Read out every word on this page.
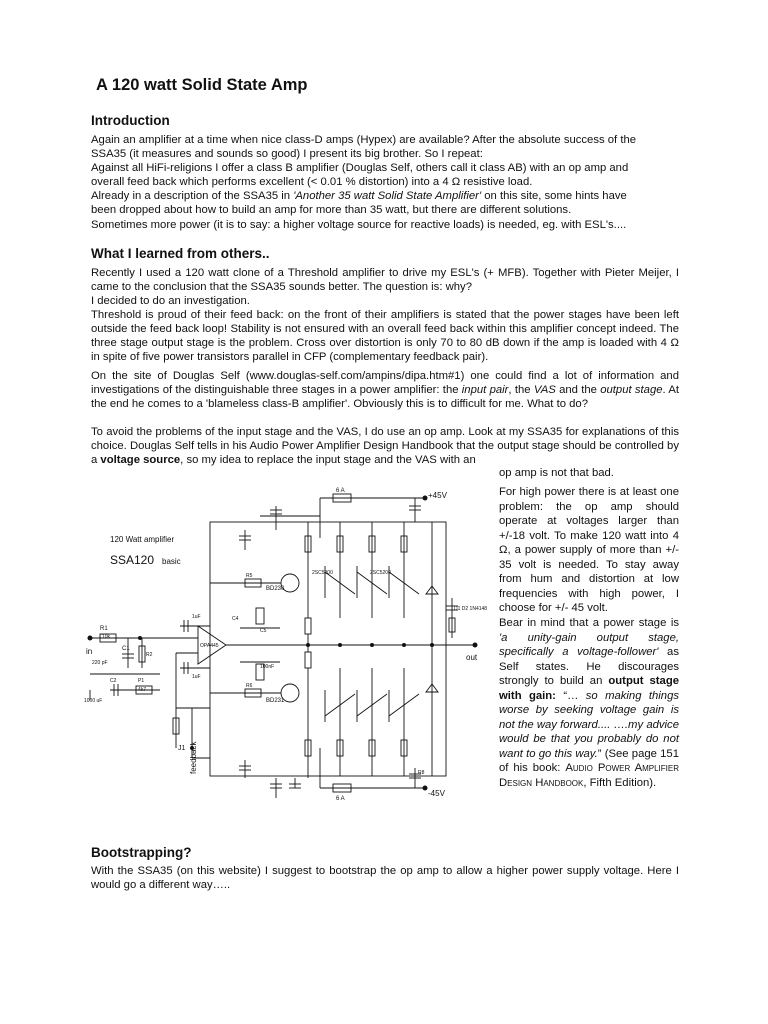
A 120 watt Solid State Amp
Introduction
Again an amplifier at a time when nice class-D amps (Hypex) are available? After the absolute success of the
SSA35 (it measures and sounds so good) I present its big brother. So I repeat:
Against all HiFi-religions I offer a class B amplifier (Douglas Self, others call it class AB) with an op amp and
overall feed back which performs excellent (< 0.01 % distortion) into a 4 Ω resistive load.
Already in a description of the SSA35 in 'Another 35 watt Solid State Amplifier' on this site, some hints have
been dropped about how to build an amp for more than 35 watt, but there are different solutions.
Sometimes more power (it is to say: a higher voltage source for reactive loads) is needed, eg. with ESL's....
What I learned from others..
Recently I used a 120 watt clone of a Threshold amplifier to drive my ESL's (+ MFB). Together with Pieter Meijer, I came to the conclusion that the SSA35 sounds better. The question is: why?
I decided to do an investigation.
Threshold is proud of their feed back: on the front of their amplifiers is stated that the power stages have been left outside the feed back loop! Stability is not ensured with an overall feed back within this amplifier concept indeed. The three stage output stage is the problem. Cross over distortion is only 70 to 80 dB down if the amp is loaded with 4 Ω in spite of five power transistors parallel in CFP (complementary feedback pair).
On the site of Douglas Self (www.douglas-self.com/ampins/dipa.htm#1) one could find a lot of information and investigations of the distinguishable three stages in a power amplifier: the input pair, the VAS and the output stage. At the end he comes to a 'blameless class-B amplifier'. Obviously this is to difficult for me. What to do?
To avoid the problems of the input stage and the VAS, I do use an op amp. Look at my SSA35 for explanations of this choice. Douglas Self tells in his Audio Power Amplifier Design Handbook that the output stage should be controlled by a voltage source, so my idea to replace the input stage and the VAS with an
op amp is not that bad.
For high power there is at least one problem: the op amp should operate at voltages larger than +/-18 volt. To make 120 watt into 4 Ω, a power supply of more than +/- 35 volt is needed. To stay away from hum and distortion at low frequencies with high power, I choose for +/- 45 volt.
Bear in mind that a power stage is 'a unity-gain output stage, specifically a voltage-follower' as Self states. He discourages strongly to build an output stage with gain: “… so making things worse by seeking voltage gain is not the way forward.... ….my advice would be that you probably do not want to go this way.” (See page 151 of his book: Audio Power Amplifier Design Handbook, Fifth Edition).
120 Watt amplifier
SSA120 basic
+45V
-45V
in
out
feedback
J1
OPA445
BD230
BD231
6 A
6 A
R1
10k
C1
220 pF
R2
C2
1000 uF
P1
4k7
R5
R6
C4
C5
100nF
1uF
1uF
2SC5200	2SC5200
R8
D1 D2 1N4148
Bootstrapping?
With the SSA35 (on this website) I suggest to bootstrap the op amp to allow a higher power supply voltage. Here I would go a different way…..
